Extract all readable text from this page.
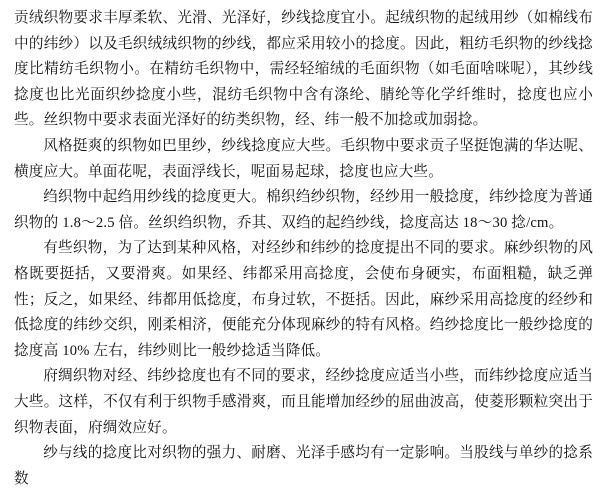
贡绒织物要求丰厚柔软、光滑、光泽好，纱线捻度宜小。起绒织物的起绒用纱（如棉线布中的纬纱）以及毛织绒绒织物的纱线，都应采用较小的捻度。因此，粗纺毛织物的纱线捻度比精纺毛织物小。在精纺毛织物中，需经轻缩绒的毛面织物（如毛面啥咪呢），其纱线捻度也比光面织纱捻度小些，混纺毛织物中含有涤纶、腈纶等化学纤维时，捻度也应小些。丝织物中要求表面光泽好的纺类织物，经、纬一般不加捻或加弱捻。

风格挺爽的织物如巴里纱，纱线捻度应大些。毛织物中要求贡子坚挺饱满的华达呢、横度应大。单面花呢，表面浮线长，呢面易起球，捻度也应大些。

绉织物中起绉用纱线的捻度更大。棉织绉纱织物，经纱用一般捻度，纬纱捻度为普通织物的 1.8～2.5 倍。丝织绉织物，乔其、双绉的起绉纱线，捻度高达 18～30 捻/cm。

有些织物，为了达到某种风格，对经纱和纬纱的捻度提出不同的要求。麻纱织物的风格既要挺括，又要滑爽。如果经、纬都采用高捻度，会使布身硬实，布面粗糙，缺乏弹性；反之，如果经、纬都用低捻度，布身过软，不挺括。因此，麻纱采用高捻度的经纱和低捻度的纬纱交织，刚柔相济，便能充分体现麻纱的特有风格。绉纱捻度比一般纱捻度的捻度高 10% 左右，纬纱则比一般纱捻适当降低。

府绸织物对经、纬纱捻度也有不同的要求，经纱捻度应适当小些，而纬纱捻度应适当大些。这样，不仅有利于织物手感滑爽，而且能增加经纱的屈曲波高，使菱形颗粒突出于织物表面，府绸效应好。

纱与线的捻度比对织物的强力、耐磨、光泽手感均有一定影响。当股线与单纱的捻系数
